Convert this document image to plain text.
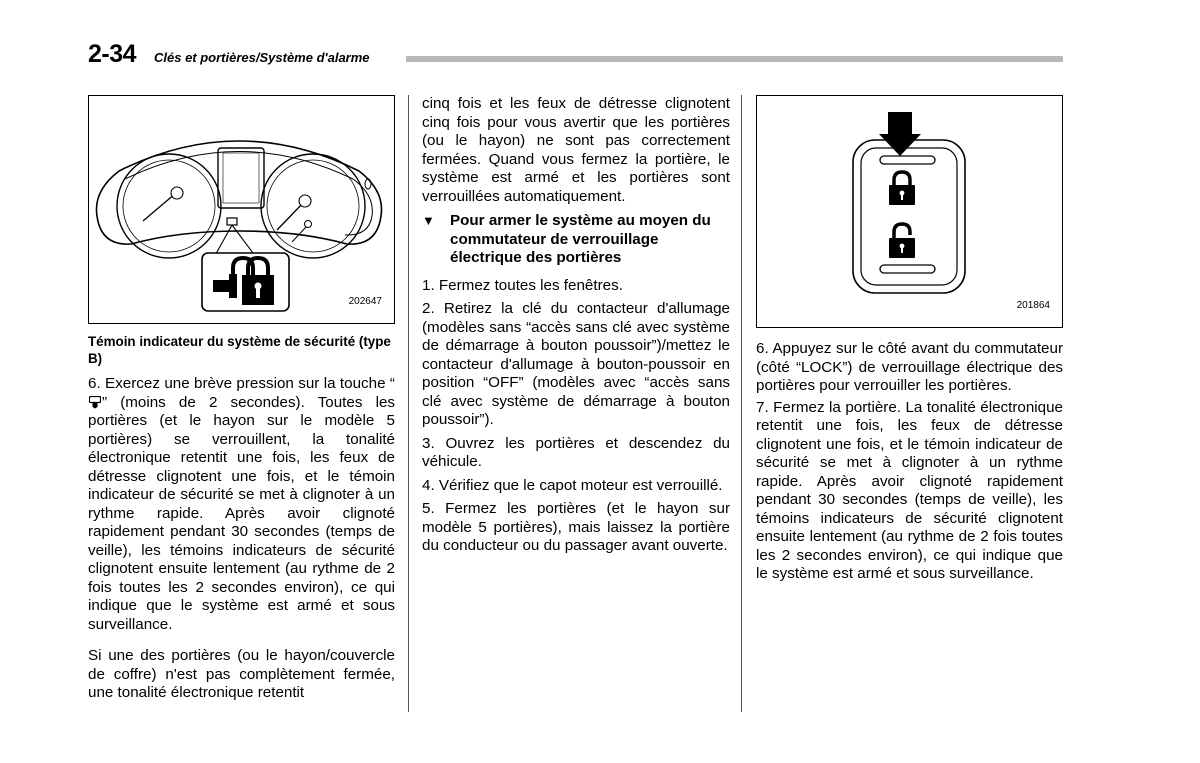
2-34 Clés et portières/Système d'alarme
202647
Témoin indicateur du système de sécurité (type B)

6. Exercez une brève pression sur la touche “” (moins de 2 secondes). Toutes les portières (et le hayon sur le modèle 5 portières) se verrouillent, la tonalité électronique retentit une fois, les feux de détresse clignotent une fois, et le témoin indicateur de sécurité se met à clignoter à un rythme rapide. Après avoir clignoté rapidement pendant 30 secondes (temps de veille), les témoins indicateurs de sécurité clignotent ensuite lentement (au rythme de 2 fois toutes les 2 secondes environ), ce qui indique que le système est armé et sous surveillance.

Si une des portières (ou le hayon/couvercle de coffre) n'est pas complètement fermée, une tonalité électronique retentit

cinq fois et les feux de détresse clignotent cinq fois pour vous avertir que les portières (ou le hayon) ne sont pas correctement fermées. Quand vous fermez la portière, le système est armé et les portières sont verrouillées automatiquement.

▼ Pour armer le système au moyen du commutateur de verrouillage électrique des portières

1. Fermez toutes les fenêtres.

2. Retirez la clé du contacteur d'allumage (modèles sans “accès sans clé avec système de démarrage à bouton poussoir”)/mettez le contacteur d'allumage à bouton-poussoir en position “OFF” (modèles avec “accès sans clé avec système de démarrage à bouton poussoir”).

3. Ouvrez les portières et descendez du véhicule.

4. Vérifiez que le capot moteur est verrouillé.

5. Fermez les portières (et le hayon sur modèle 5 portières), mais laissez la portière du conducteur ou du passager avant ouverte.

201864

6. Appuyez sur le côté avant du commutateur (côté “LOCK”) de verrouillage électrique des portières pour verrouiller les portières.

7. Fermez la portière. La tonalité électronique retentit une fois, les feux de détresse clignotent une fois, et le témoin indicateur de sécurité se met à clignoter à un rythme rapide. Après avoir clignoté rapidement pendant 30 secondes (temps de veille), les témoins indicateurs de sécurité clignotent ensuite lentement (au rythme de 2 fois toutes les 2 secondes environ), ce qui indique que le système est armé et sous surveillance.
